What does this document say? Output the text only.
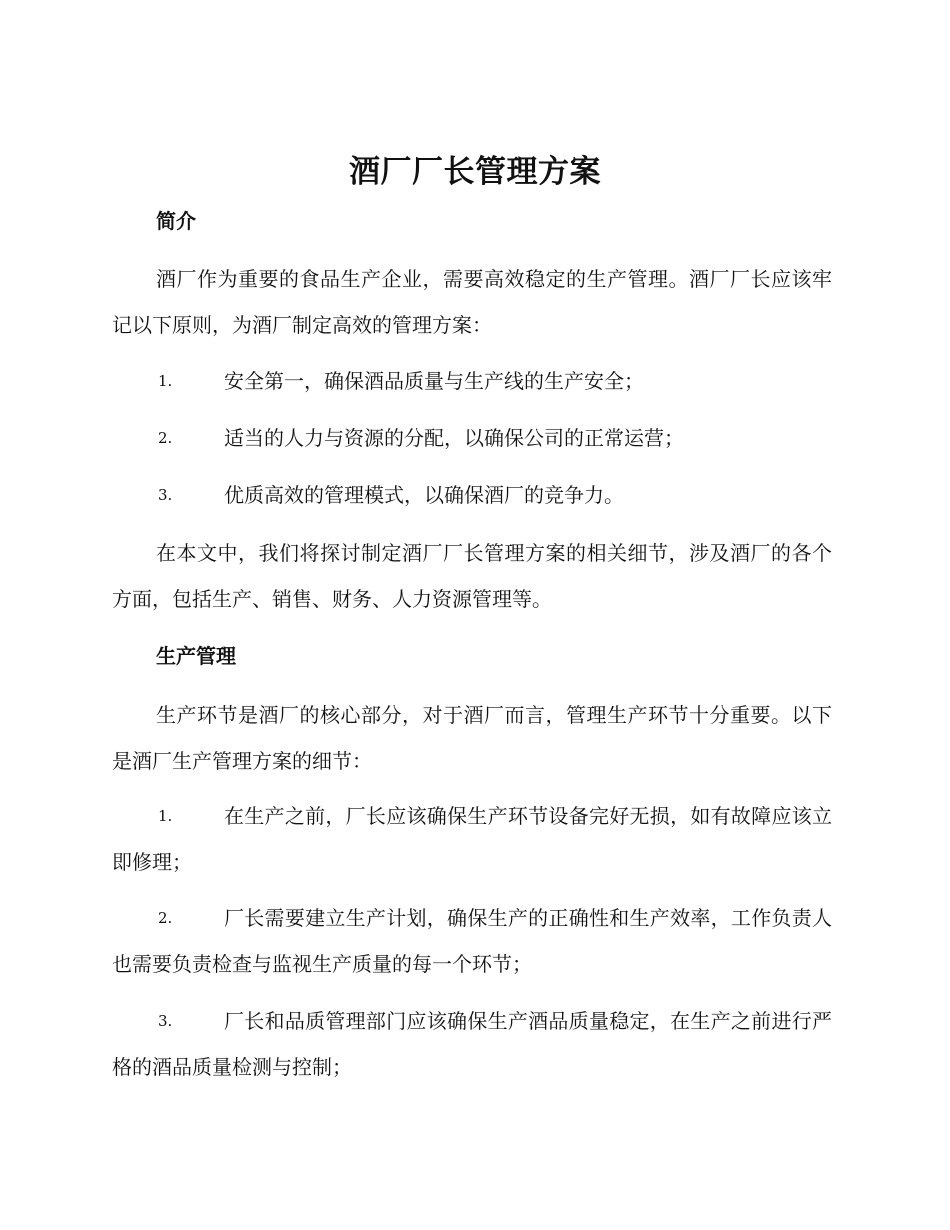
酒厂厂长管理方案
简介

酒厂作为重要的食品生产企业，需要高效稳定的生产管理。酒厂厂长应该牢记以下原则，为酒厂制定高效的管理方案：

1.	安全第一，确保酒品质量与生产线的生产安全；

2.	适当的人力与资源的分配，以确保公司的正常运营；

3.	优质高效的管理模式，以确保酒厂的竞争力。

在本文中，我们将探讨制定酒厂厂长管理方案的相关细节，涉及酒厂的各个方面，包括生产、销售、财务、人力资源管理等。

生产管理

生产环节是酒厂的核心部分，对于酒厂而言，管理生产环节十分重要。以下是酒厂生产管理方案的细节：

1.	在生产之前，厂长应该确保生产环节设备完好无损，如有故障应该立即修理；

2.	厂长需要建立生产计划，确保生产的正确性和生产效率，工作负责人也需要负责检查与监视生产质量的每一个环节；

3.	厂长和品质管理部门应该确保生产酒品质量稳定，在生产之前进行严格的酒品质量检测与控制；
